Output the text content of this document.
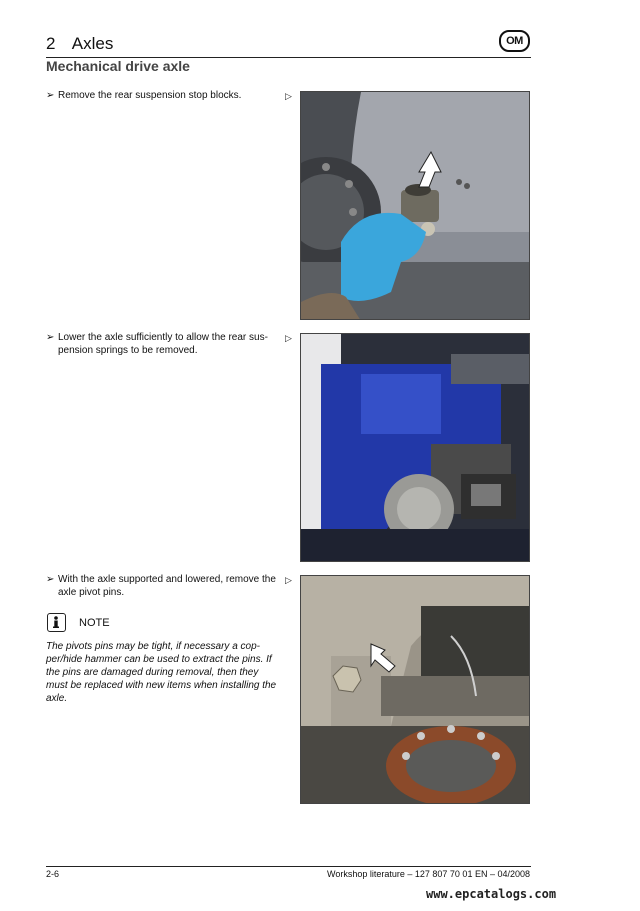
2 Axles	OM
Mechanical drive axle
➢ Remove the rear suspension stop blocks.	▷
➢ Lower the axle sufficiently to allow the rear sus-pension springs to be removed.
▷
➢ With the axle supported and lowered, remove the axle pivot pins.
▷
NOTE
The pivots pins may be tight, if necessary a cop-per/hide hammer can be used to extract the pins. If the pins are damaged during removal, then they must be replaced with new items when installing the axle.
2-6	Workshop literature – 127 807 70 01 EN – 04/2008
www.epcatalogs.com
